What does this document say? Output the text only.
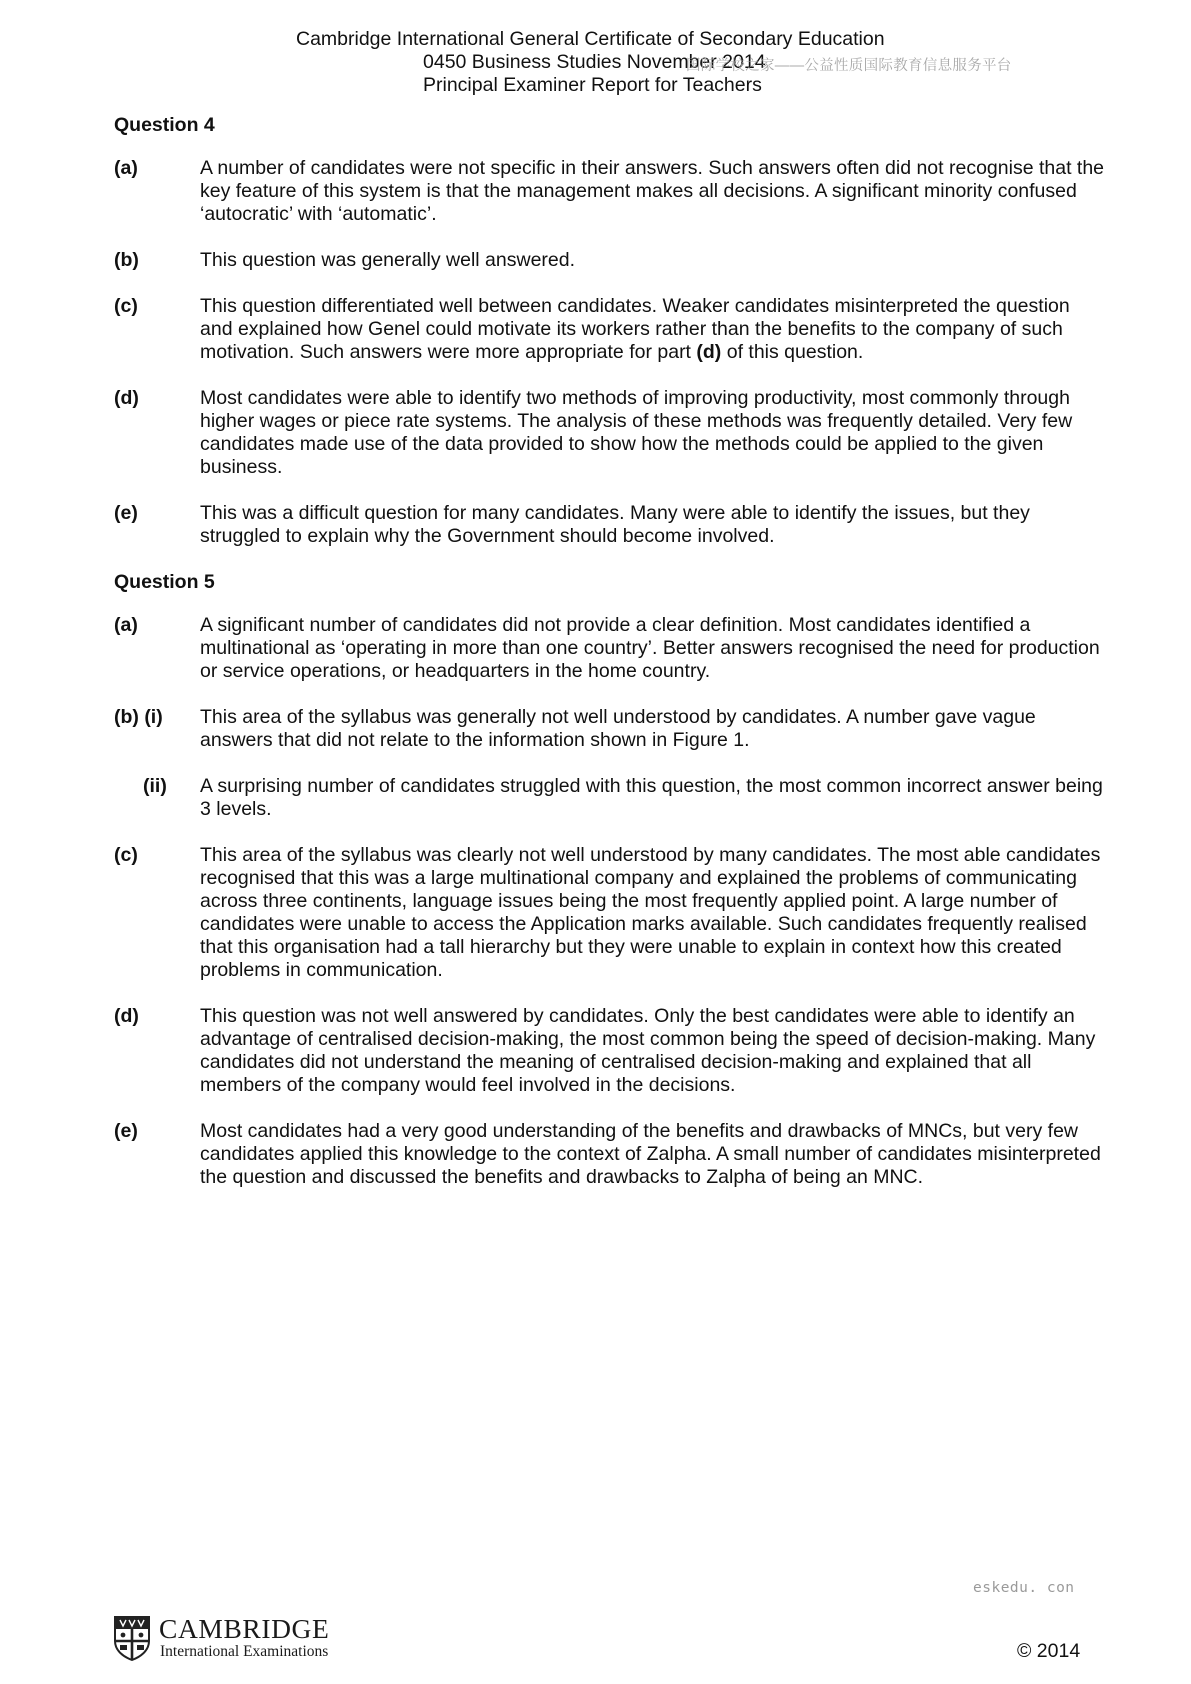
Cambridge International General Certificate of Secondary Education
0450 Business Studies November 2014
Principal Examiner Report for Teachers
国际学校之家——公益性质国际教育信息服务平台
Question 4
(a)	A number of candidates were not specific in their answers. Such answers often did not recognise that the key feature of this system is that the management makes all decisions. A significant minority confused ‘autocratic’ with ‘automatic’.
(b)	This question was generally well answered.
(c)	This question differentiated well between candidates. Weaker candidates misinterpreted the question and explained how Genel could motivate its workers rather than the benefits to the company of such motivation. Such answers were more appropriate for part (d) of this question.
(d)	Most candidates were able to identify two methods of improving productivity, most commonly through higher wages or piece rate systems. The analysis of these methods was frequently detailed. Very few candidates made use of the data provided to show how the methods could be applied to the given business.
(e)	This was a difficult question for many candidates. Many were able to identify the issues, but they struggled to explain why the Government should become involved.
Question 5
(a)	A significant number of candidates did not provide a clear definition. Most candidates identified a multinational as ‘operating in more than one country’. Better answers recognised the need for production or service operations, or headquarters in the home country.
(b) (i)	This area of the syllabus was generally not well understood by candidates. A number gave vague answers that did not relate to the information shown in Figure 1.
(ii)	A surprising number of candidates struggled with this question, the most common incorrect answer being 3 levels.
(c)	This area of the syllabus was clearly not well understood by many candidates. The most able candidates recognised that this was a large multinational company and explained the problems of communicating across three continents, language issues being the most frequently applied point. A large number of candidates were unable to access the Application marks available. Such candidates frequently realised that this organisation had a tall hierarchy but they were unable to explain in context how this created problems in communication.
(d)	This question was not well answered by candidates. Only the best candidates were able to identify an advantage of centralised decision-making, the most common being the speed of decision-making. Many candidates did not understand the meaning of centralised decision-making and explained that all members of the company would feel involved in the decisions.
(e)	Most candidates had a very good understanding of the benefits and drawbacks of MNCs, but very few candidates applied this knowledge to the context of Zalpha. A small number of candidates misinterpreted the question and discussed the benefits and drawbacks to Zalpha of being an MNC.
eskedu. con
CAMBRIDGE
International Examinations	© 2014
